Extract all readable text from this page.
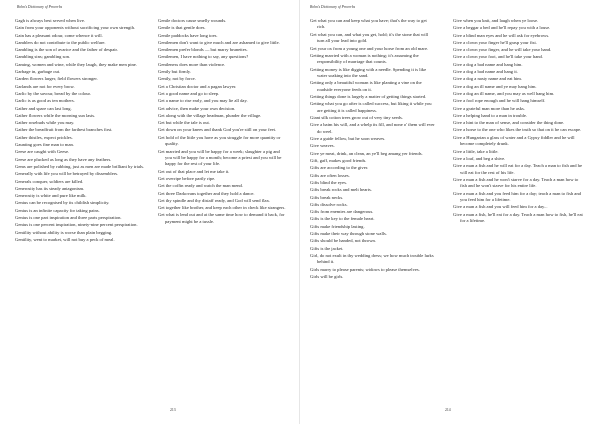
Bohn's Dictionary of Proverbs

Gagh is always best served when live.

Gain from your opponents without sacrificing your own strength.

Gain has a pleasant odour, come whence it will.

Gamblers do not contribute to the public welfare.

Gambling is the son of avarice and the father of despair.

Gambling sins; gambling son.

Gaming, women and wine, while they laugh, they make men pine.

Garbage in, garbage out.

Garden flowers larger, field flowers stronger.

Garlands are not for every brow.

Garlic by the savour, bread by the colour.

Garlic is as good as ten mothers.

Gather and spare can last long.

Gather flowers while the morning sun lasts.

Gather rosebuds while you may.

Gather the breadfruit from the farthest branches first.

Gather thistles, expect prickles.

Gaunting goes fine man to man.

Geese are caught with Geese.

Geese are plucked as long as they have any feathers.

Gems are polished by rubbing, just as men are made brilliant by trials.

Generally with life you will be betrayed by dissemblers.

Generals conquer, soldiers are killed.

Generosity has its steady antagonism.

Generosity is white and pure like milk.

Genius can be recognised by its childish simplicity.

Genius is an infinite capacity for taking pains.

Genius is one part inspiration and three parts perspiration.

Genius is one percent inspiration, ninety-nine percent perspiration.

Gentility without ability is worse than plain begging.

Gentility, went to market, will not buy a peck of meal.

Gentle doctors cause smelly wounds.

Gentle is that gentle does.

Gentle paddocks have long toes.

Gentlemen don't want to give much and are ashamed to give little.

Gentlemen prefer blonds — but marry brunettes.

Gentlemen, I have nothing to say, any questions?

Gentleness does more than violence.

Gently but firmly.

Gently, not by force.

Get a Christian doctor and a pagan lawyer.

Get a good name and go to sleep.

Get a name to rise early, and you may lie all day.

Get advice, then make your own decision.

Get along with the village headman, plunder the village.

Get but while the tale is out.

Get down on your knees and thank God you're still on your feet.

Get hold of the little you have as you struggle for more quantity or quality.

Get married and you will be happy for a week; slaughter a pig and you will be happy for a month; become a priest and you will be happy for the rest of your life.

Get out of that place and let me take it.

Get overripe before partly ripe.

Get the coffin ready and watch the man mend.

Get three Darkovans together and they hold a dance.

Get thy spindle and thy distaff ready, and God will send flax.

Get together like brother, and keep each other in check like strangers.

Get what is lend out and at the same time how to demand it back, for payment might be a tussle.

213
Bohn's Dictionary of Proverbs

Get what you can and keep what you have; that's the way to get rich.

Get what you can, and what you get, hold; it's the stone that will turn all your lead into gold.

Get your ox from a young one and your horse from an old mare.

Getting married with a woman is nothing; it's assuming the responsibility of marriage that counts.

Getting money is like digging with a needle. Spending it is like water soaking into the sand.

Getting only a beautiful woman is like planting a vine on the roadside everyone feeds on it.

Getting things done is largely a matter of getting things started.

Getting what you go after is called success, but liking it while you are getting it is called happiness.

Giant silk cotton trees grow out of very tiny seeds.

Give a baim his will, and a whelp its fill, and none o' them will ever do weel.

Give a guide fellow, but he soon weaves.

Give weaves.

Give ye meat, drink, an clean, an ye'll beg amang yer friends.

Gift, gaff, makes good friends.

Gifts are according to the giver.

Gifts are often losses.

Gifts blind the eyes.

Gifts break rocks and melt hearts.

Gifts break necks.

Gifts dissolve rocks.

Gifts from enemies are dangerous.

Gifts is the key to the female heart.

Gifts make friendship lasting.

Gifts make their way through stone walls.

Gifts should be handed, not thrown.

Gifts is the jacket.

Girl, do not exult in thy wedding dress; we how much trouble lurks behind it.

Girls marry to please parents; widows to please themselves.

Girls will be girls.

Give when you knit, and laugh when ye loose.

Give a beggar a bed and he'll repay you with a louse.

Give a blind man eyes and he will ask for eyebrows.

Give a clown your finger he'll grasp your fist.

Give a clown your finger, and he will take your hand.

Give a clown your foot, and he'll take your hand.

Give a dog a bad name and hang him.

Give a dog a bad name and hang it.

Give a dog a nasty name and eat him.

Give a dog an ill name and ye may hang him.

Give a dog an ill name, and you may as well hang him.

Give a fool rope enough and he will hang himself.

Give a grateful man more than he asks.

Give a helping hand to a man in trouble.

Give a hint to the man of sense, and consider the thing done.

Give a horse to the one who likes the truth so that on it he can escape.

Give a Hungarian a glass of water and a Gypsy fiddler and he will become completely drunk.

Give a little, take a little.

Give a loaf, and beg a shive.

Give a man a fish and he will eat for a day. Teach a man to fish and he will eat for the rest of his life.

Give a man a fish and he won't starve for a day. Teach a man how to fish and he won't starve for his entire life.

Give a man a fish and you feed him for a day; teach a man to fish and you feed him for a lifetime.

Give a man a fish and you will feed him for a day...

Give a man a fish, he'll eat for a day. Teach a man how to fish, he'll eat for a lifetime.

214
